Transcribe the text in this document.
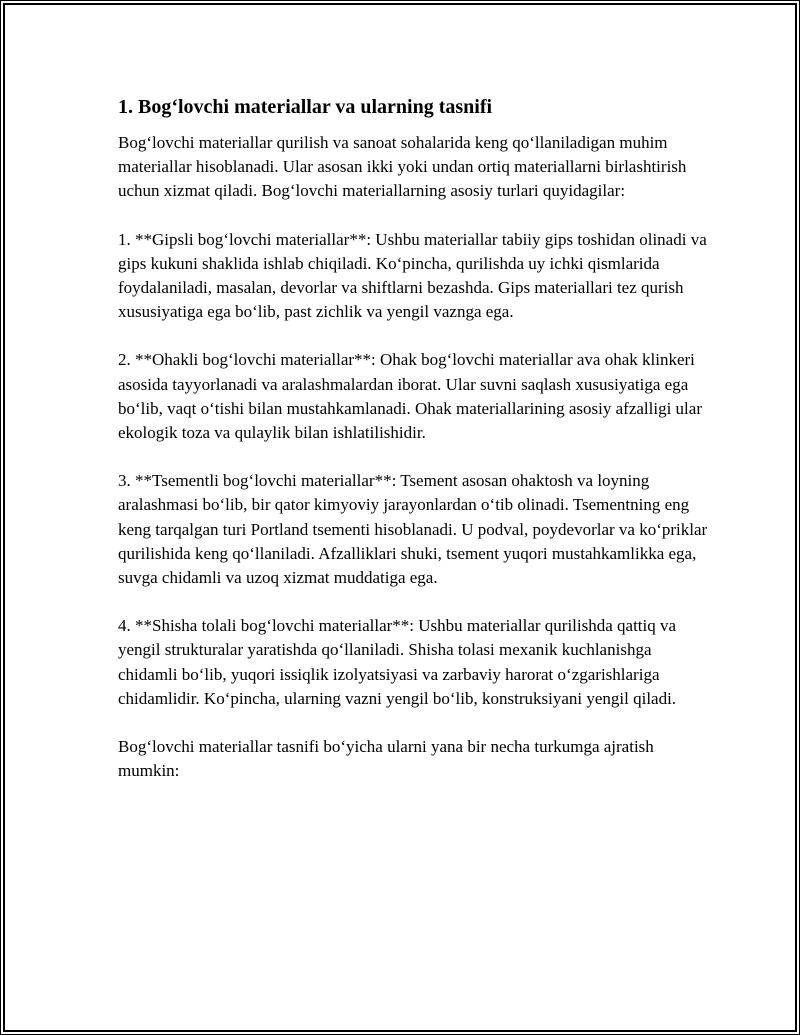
1. Bog‘lovchi materiallar va ularning tasnifi

Bog‘lovchi materiallar qurilish va sanoat sohalarida keng qo‘llaniladigan muhim materiallar hisoblanadi. Ular asosan ikki yoki undan ortiq materiallarni birlashtirish uchun xizmat qiladi. Bog‘lovchi materiallarning asosiy turlari quyidagilar:

1. **Gipsli bog‘lovchi materiallar**: Ushbu materiallar tabiiy gips toshidan olinadi va gips kukuni shaklida ishlab chiqiladi. Ko‘pincha, qurilishda uy ichki qismlarida foydalaniladi, masalan, devorlar va shiftlarni bezashda. Gips materiallari tez qurish xususiyatiga ega bo‘lib, past zichlik va yengil vaznga ega.

2. **Ohakli bog‘lovchi materiallar**: Ohak bog‘lovchi materiallar ava ohak klinkeri asosida tayyorlanadi va aralashmalardan iborat. Ular suvni saqlash xususiyatiga ega bo‘lib, vaqt o‘tishi bilan mustahkamlanadi. Ohak materiallarining asosiy afzalligi ular ekologik toza va qulaylik bilan ishlatilishidir.

3. **Tsementli bog‘lovchi materiallar**: Tsement asosan ohaktosh va loyning aralashmasi bo‘lib, bir qator kimyoviy jarayonlardan o‘tib olinadi. Tsementning eng keng tarqalgan turi Portland tsementi hisoblanadi. U podval, poydevorlar va ko‘priklar qurilishida keng qo‘llaniladi. Afzalliklari shuki, tsement yuqori mustahkamlikka ega, suvga chidamli va uzoq xizmat muddatiga ega.

4. **Shisha tolali bog‘lovchi materiallar**: Ushbu materiallar qurilishda qattiq va yengil strukturalar yaratishda qo‘llaniladi. Shisha tolasi mexanik kuchlanishga chidamli bo‘lib, yuqori issiqlik izolyatsiyasi va zarbaviy harorat o‘zgarishlariga chidamlidir. Ko‘pincha, ularning vazni yengil bo‘lib, konstruksiyani yengil qiladi.

Bog‘lovchi materiallar tasnifi bo‘yicha ularni yana bir necha turkumga ajratish mumkin:
